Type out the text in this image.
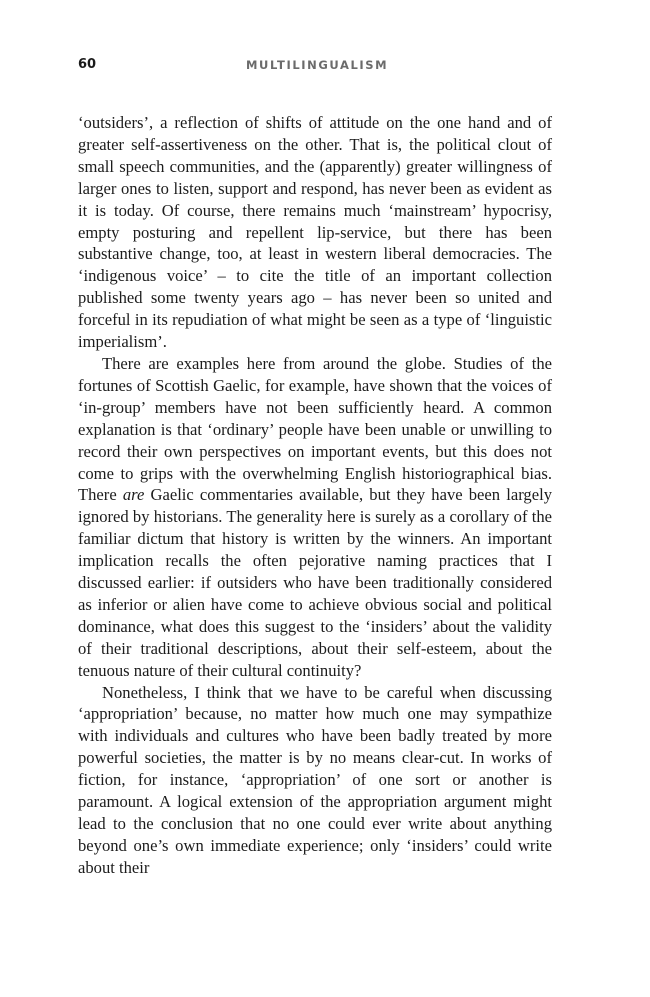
60	MULTILINGUALISM

‘outsiders’, a reflection of shifts of attitude on the one hand and of greater self-assertiveness on the other. That is, the political clout of small speech communities, and the (apparently) greater willingness of larger ones to listen, support and respond, has never been as evident as it is today. Of course, there remains much ‘mainstream’ hypocrisy, empty posturing and repellent lip-service, but there has been substantive change, too, at least in western liberal democracies. The ‘indigenous voice’ – to cite the title of an important collection published some twenty years ago – has never been so united and forceful in its repudiation of what might be seen as a type of ‘linguistic imperialism’.

There are examples here from around the globe. Studies of the fortunes of Scottish Gaelic, for example, have shown that the voices of ‘in-group’ members have not been sufficiently heard. A common explanation is that ‘ordinary’ people have been unable or unwilling to record their own perspectives on important events, but this does not come to grips with the overwhelming English historiographical bias. There are Gaelic commentaries available, but they have been largely ignored by historians. The generality here is surely as a corollary of the familiar dictum that history is written by the winners. An important implication recalls the often pejorative naming practices that I discussed earlier: if outsiders who have been traditionally considered as inferior or alien have come to achieve obvious social and political dominance, what does this suggest to the ‘insiders’ about the validity of their traditional descriptions, about their self-esteem, about the tenuous nature of their cultural continuity?

Nonetheless, I think that we have to be careful when discussing ‘appropriation’ because, no matter how much one may sympathize with individuals and cultures who have been badly treated by more powerful societies, the matter is by no means clear-cut. In works of fiction, for instance, ‘appropriation’ of one sort or another is paramount. A logical extension of the appropriation argument might lead to the conclusion that no one could ever write about anything beyond one’s own immediate experience; only ‘insiders’ could write about their
